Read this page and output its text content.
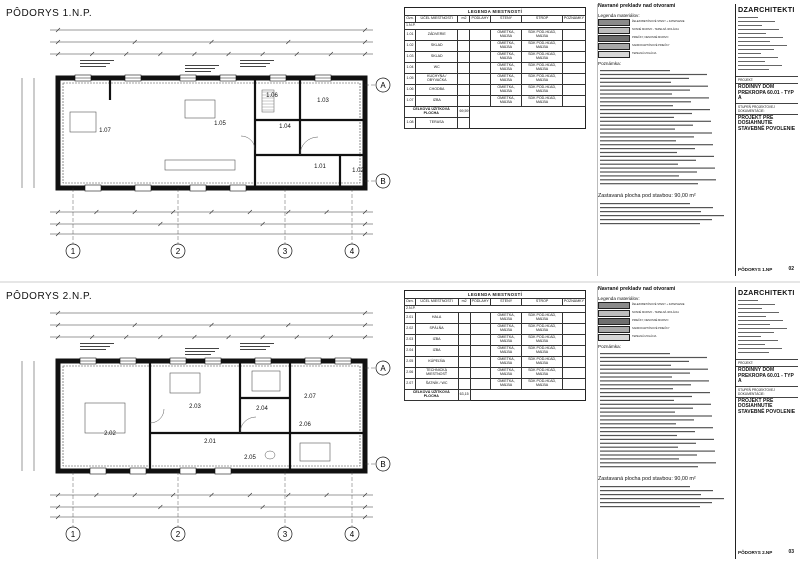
PÔDORYS 1.N.P.
1.07
1.05
1.06
1.04
1.03
1.01
1.02
1	2	3	4
A
B
LEGENDA MIESTNOSTÍ
Ozn.	ÚČEL MIESTNOSTI	m2	PODLAHY	STENY	STROP	POZNÁMKY
1.N.P.						
1.01	ZÁDVERIE			OMIETKA, MAĽBA	SDK POD-HĽAD, MAĽBA	
1.02	SKLAD			OMIETKA, MAĽBA	SDK POD-HĽAD, MAĽBA	
1.03	SKLAD			OMIETKA, MAĽBA	SDK POD-HĽAD, MAĽBA	
1.04	WC			OMIETKA, MAĽBA	SDK POD-HĽAD, MAĽBA	
1.05	KUCHYŇA / OBÝVAČKA			OMIETKA, MAĽBA	SDK POD-HĽAD, MAĽBA	
1.06	CHODBA			OMIETKA, MAĽBA	SDK POD-HĽAD, MAĽBA	
1.07	IZBA			OMIETKA, MAĽBA	SDK POD-HĽAD, MAĽBA	
CELKOVÁ ÚŽITKOVÁ PLOCHA		69,59				
1.08	TERASA					
Navrané prekladv nad otvorami
Legenda materiálov:
ŽELEZOBETÓNOVÉ STENY + ZATEPLENIE
NOSNÉ MURIVO - TEPELNÁ IZOLÁCIA
PRIEČKY, NENOSNÉ MURIVO
SADROKARTÓNOVÉ PRIEČKY
TEPELNÁ IZOLÁCIA
Poznámka:
Zastavaná plocha pod stavbou: 90,00 m²
DZARCHITEKTI
PROJEKT:
RODINNÝ DOM PREKROPA 60.01 - TYP A
STUPEŇ PROJEKTOVEJ DOKUMENTÁCIE:
PROJEKT PRE DOSIAHNUTIE STAVEBNÉ POVOLENIE
PÔDORYS 1.NP	02
PÔDORYS 2.N.P.
2.02
2.03	2.04
2.07
2.06
2.01
2.05
1	2	3	4
A
B
LEGENDA MIESTNOSTÍ
Ozn.	ÚČEL MIESTNOSTI	m2	PODLAHY	STENY	STROP	POZNÁMKY
2.N.P.						
2.01	HALA			OMIETKA, MAĽBA	SDK POD-HĽAD, MAĽBA	
2.02	SPÁLŇA			OMIETKA, MAĽBA	SDK POD-HĽAD, MAĽBA	
2.03	IZBA			OMIETKA, MAĽBA	SDK POD-HĽAD, MAĽBA	
2.04	IZBA			OMIETKA, MAĽBA	SDK POD-HĽAD, MAĽBA	
2.05	KÚPEĽŇA			OMIETKA, MAĽBA	SDK POD-HĽAD, MAĽBA	
2.06	TECHNICKÁ MIESTNOSŤ			OMIETKA, MAĽBA	SDK POD-HĽAD, MAĽBA	
2.07	ŠATNÍK / WC			OMIETKA, MAĽBA	SDK POD-HĽAD, MAĽBA	
CELKOVÁ ÚŽITKOVÁ PLOCHA		63,15				
Navrané prekladv nad otvorami
Legenda materiálov:
ŽELEZOBETÓNOVÉ STENY + ZATEPLENIE
NOSNÉ MURIVO - TEPELNÁ IZOLÁCIA
PRIEČKY, NENOSNÉ MURIVO
SADROKARTÓNOVÉ PRIEČKY
TEPELNÁ IZOLÁCIA
Poznámka:
Zastavaná plocha pod stavbou: 90,00 m²
DZARCHITEKTI
PROJEKT:
RODINNÝ DOM PREKROPA 60.01 - TYP A
STUPEŇ PROJEKTOVEJ DOKUMENTÁCIE:
PROJEKT PRE DOSIAHNUTIE STAVEBNÉ POVOLENIE
PÔDORYS 2.NP	03
